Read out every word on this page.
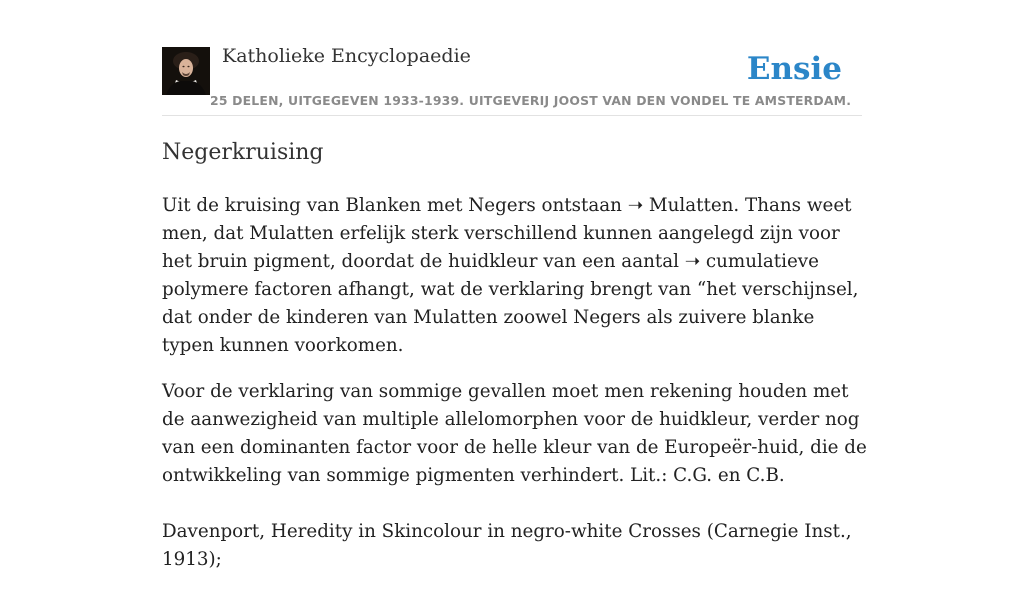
Katholieke Encyclopaedie	Ensie
25 DELEN, UITGEGEVEN 1933-1939. UITGEVERIJ JOOST VAN DEN VONDEL TE AMSTERDAM.
Negerkruising

Uit de kruising van Blanken met Negers ontstaan ➝ Mulatten. Thans weet men, dat Mulatten erfelijk sterk verschillend kunnen aangelegd zijn voor het bruin pigment, doordat de huidkleur van een aantal ➝ cumulatieve polymere factoren afhangt, wat de verklaring brengt van “het verschijnsel, dat onder de kinderen van Mulatten zoowel Negers als zuivere blanke typen kunnen voorkomen.

Voor de verklaring van sommige gevallen moet men rekening houden met de aanwezigheid van multiple allelomorphen voor de huidkleur, verder nog van een dominanten factor voor de helle kleur van de Europeër-huid, die de ontwikkeling van sommige pigmenten verhindert. Lit.: C.G. en C.B.

Davenport, Heredity in Skincolour in negro-white Crosses (Carnegie Inst., 1913);
